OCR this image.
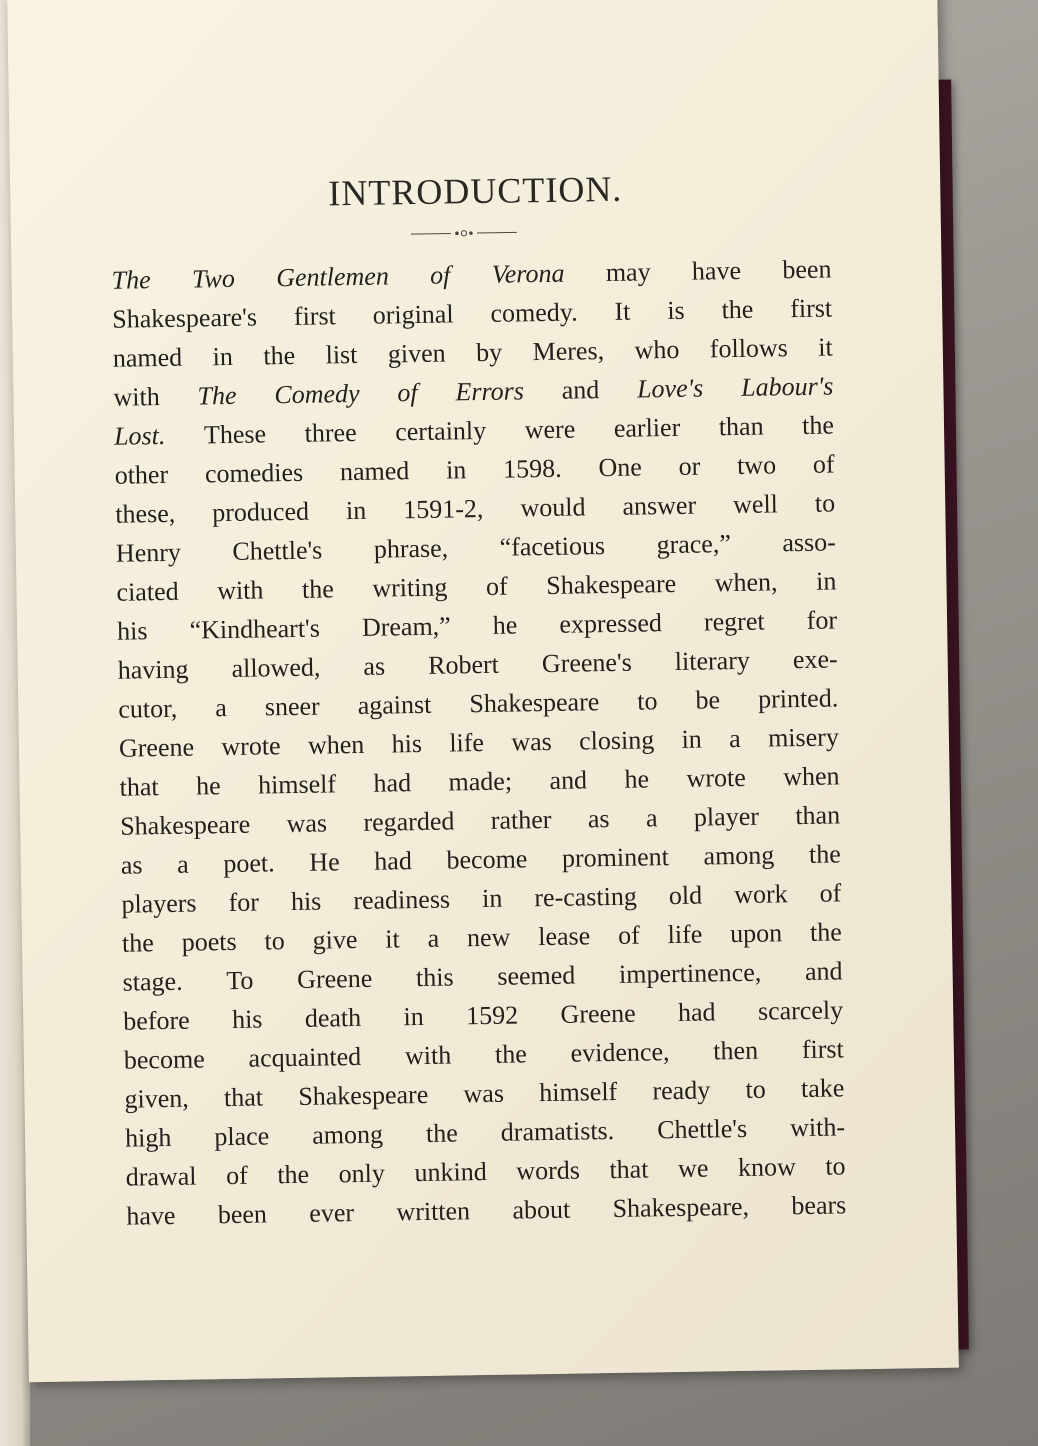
INTRODUCTION.
The Two Gentlemen of Verona may have been
Shakespeare's first original comedy. It is the first
named in the list given by Meres, who follows it
with The Comedy of Errors and Love's Labour's
Lost. These three certainly were earlier than the
other comedies named in 1598. One or two of
these, produced in 1591-2, would answer well to
Henry Chettle's phrase, “facetious grace,” asso-
ciated with the writing of Shakespeare when, in
his “Kindheart's Dream,” he expressed regret for
having allowed, as Robert Greene's literary exe-
cutor, a sneer against Shakespeare to be printed.
Greene wrote when his life was closing in a misery
that he himself had made; and he wrote when
Shakespeare was regarded rather as a player than
as a poet. He had become prominent among the
players for his readiness in re-casting old work of
the poets to give it a new lease of life upon the
stage. To Greene this seemed impertinence, and
before his death in 1592 Greene had scarcely
become acquainted with the evidence, then first
given, that Shakespeare was himself ready to take
high place among the dramatists. Chettle's with-
drawal of the only unkind words that we know to
have been ever written about Shakespeare, bears
